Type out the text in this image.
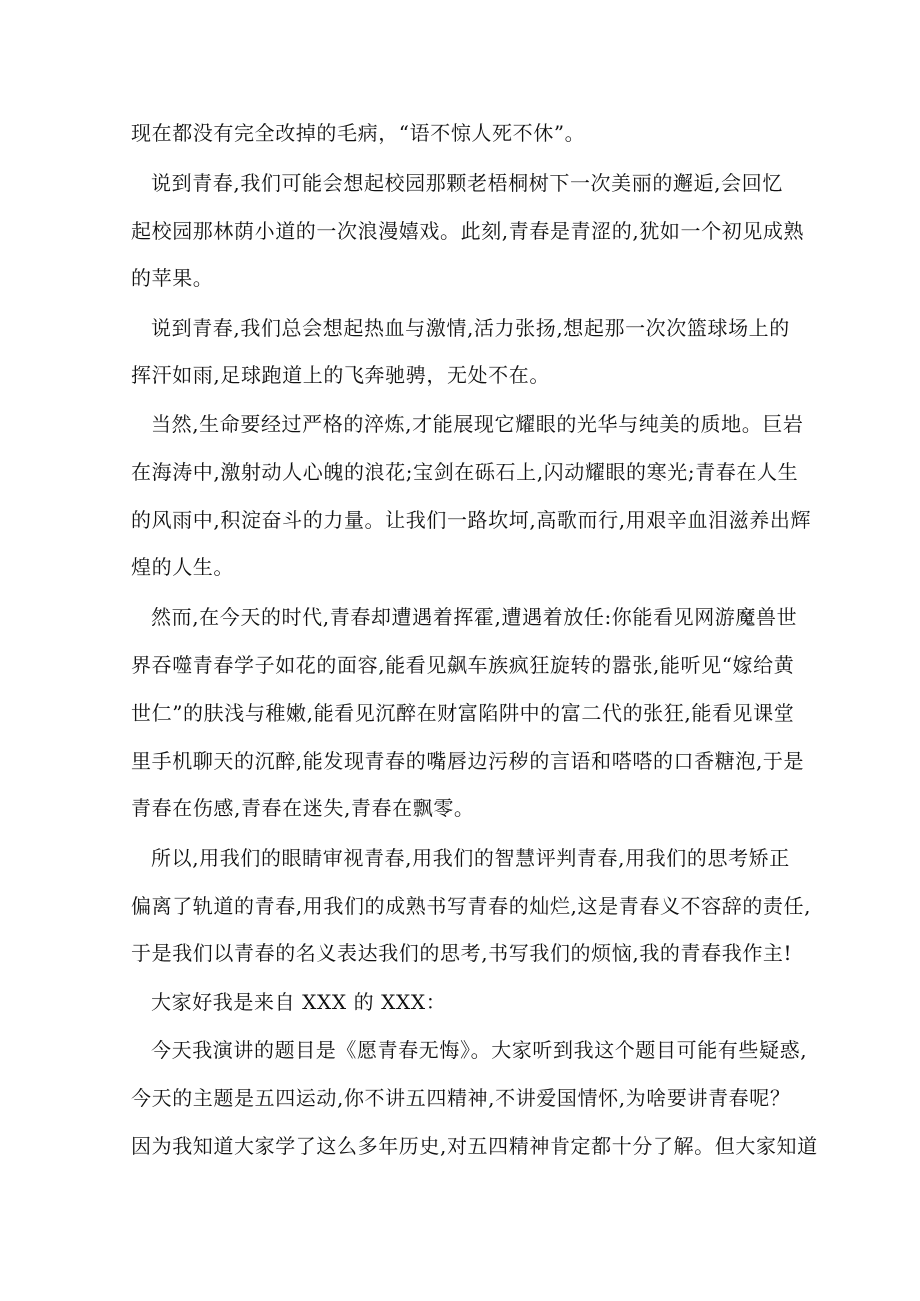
现在都没有完全改掉的毛病，“语不惊人死不休”。
说到青春,我们可能会想起校园那颗老梧桐树下一次美丽的邂逅,会回忆
起校园那林荫小道的一次浪漫嬉戏。此刻,青春是青涩的,犹如一个初见成熟
的苹果。
说到青春,我们总会想起热血与激情,活力张扬,想起那一次次篮球场上的
挥汗如雨,足球跑道上的飞奔驰骋，无处不在。
当然,生命要经过严格的淬炼,才能展现它耀眼的光华与纯美的质地。巨岩
在海涛中,激射动人心魄的浪花;宝剑在砾石上,闪动耀眼的寒光;青春在人生
的风雨中,积淀奋斗的力量。让我们一路坎坷,高歌而行,用艰辛血泪滋养出辉
煌的人生。
然而,在今天的时代,青春却遭遇着挥霍,遭遇着放任:你能看见网游魔兽世
界吞噬青春学子如花的面容,能看见飙车族疯狂旋转的嚣张,能听见“嫁给黄
世仁”的肤浅与稚嫩,能看见沉醉在财富陷阱中的富二代的张狂,能看见课堂
里手机聊天的沉醉,能发现青春的嘴唇边污秽的言语和嗒嗒的口香糖泡,于是
青春在伤感,青春在迷失,青春在飘零。
所以,用我们的眼睛审视青春,用我们的智慧评判青春,用我们的思考矫正
偏离了轨道的青春,用我们的成熟书写青春的灿烂,这是青春义不容辞的责任,
于是我们以青春的名义表达我们的思考,书写我们的烦恼,我的青春我作主!
大家好我是来自 XXX 的 XXX：
今天我演讲的题目是《愿青春无悔》。大家听到我这个题目可能有些疑惑,
今天的主题是五四运动,你不讲五四精神,不讲爱国情怀,为啥要讲青春呢？
因为我知道大家学了这么多年历史,对五四精神肯定都十分了解。但大家知道
